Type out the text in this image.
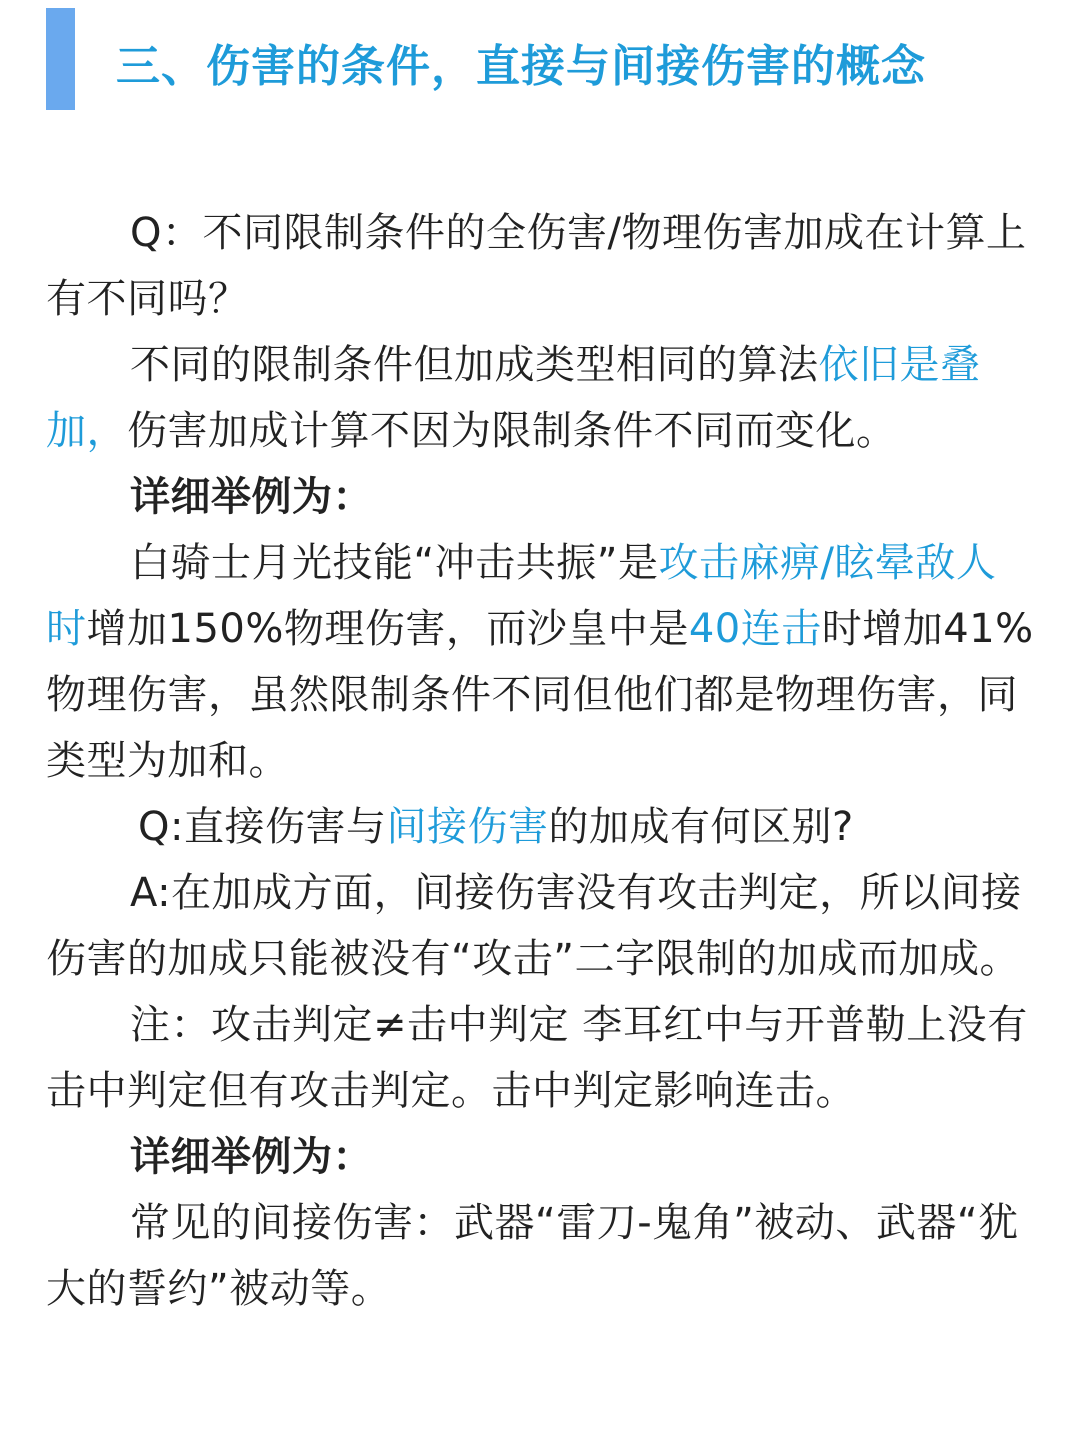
三、伤害的条件，直接与间接伤害的概念

Q：不同限制条件的全伤害/物理伤害加成在计算上有不同吗？

不同的限制条件但加成类型相同的算法依旧是叠加，伤害加成计算不因为限制条件不同而变化。

详细举例为：

白骑士月光技能“冲击共振”是攻击麻痹/眩晕敌人时增加150%物理伤害，而沙皇中是40连击时增加41%物理伤害，虽然限制条件不同但他们都是物理伤害，同类型为加和。

Q:直接伤害与间接伤害的加成有何区别?

A:在加成方面，间接伤害没有攻击判定，所以间接伤害的加成只能被没有“攻击”二字限制的加成而加成。

注：攻击判定≠击中判定 李耳红中与开普勒上没有击中判定但有攻击判定。击中判定影响连击。

详细举例为：

常见的间接伤害：武器“雷刀-鬼角”被动、武器“犹大的誓约”被动等。
